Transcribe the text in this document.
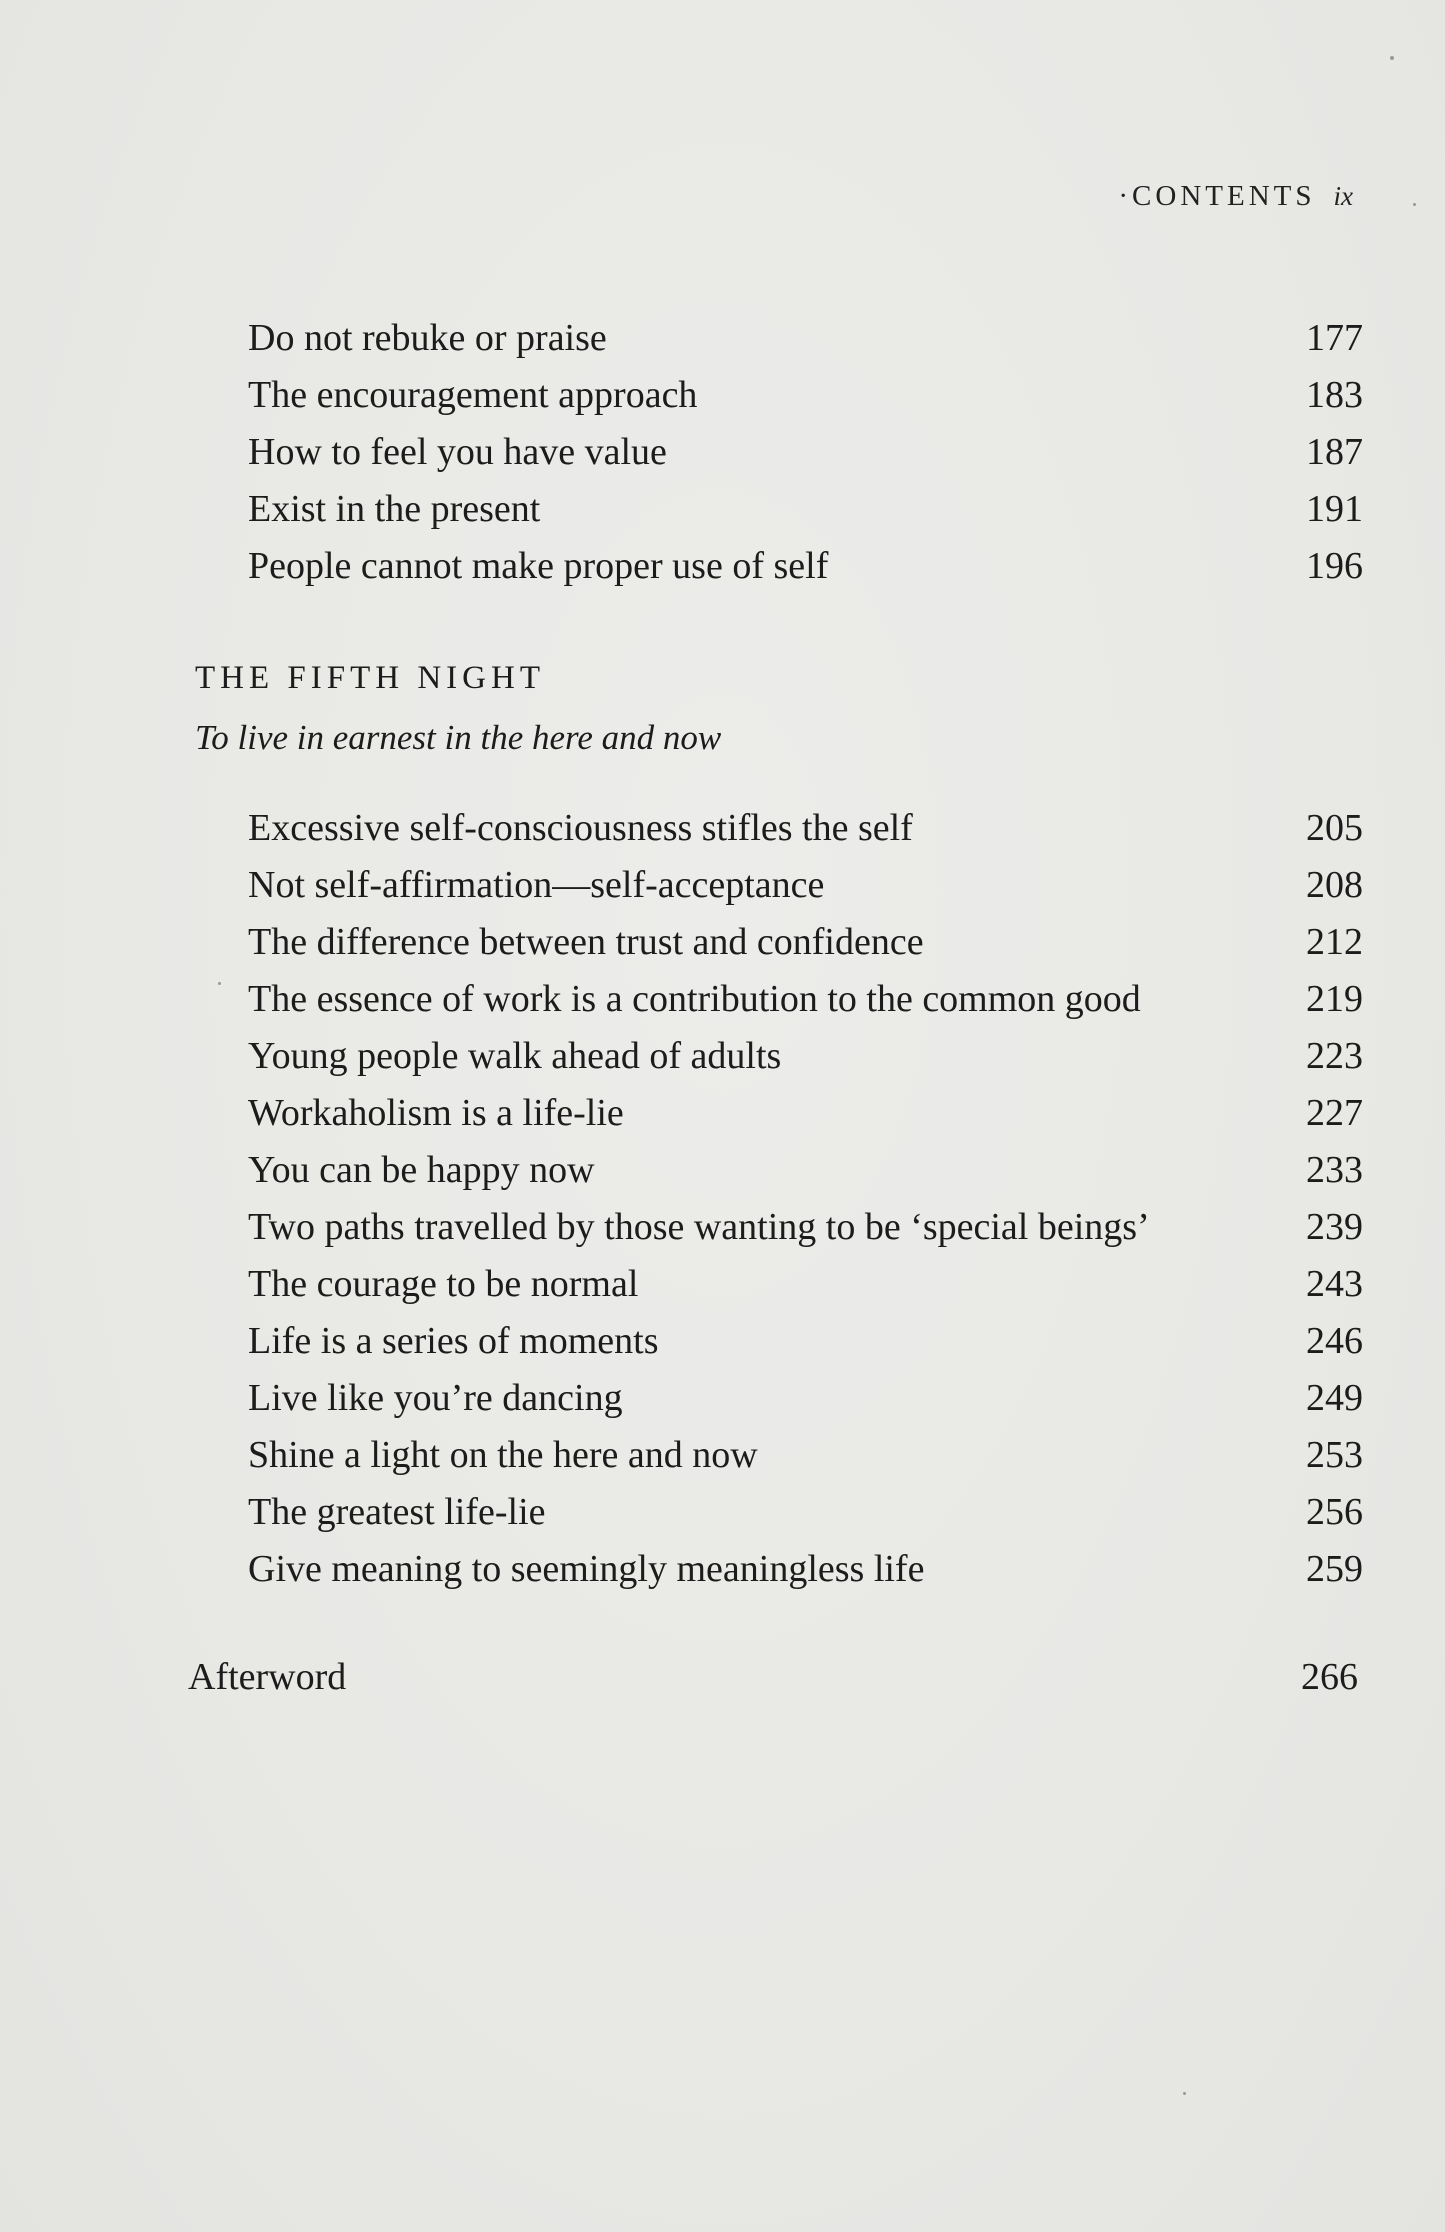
·CONTENTS ix
Do not rebuke or praise	177
The encouragement approach	183
How to feel you have value	187
Exist in the present	191
People cannot make proper use of self	196
THE FIFTH NIGHT
To live in earnest in the here and now
Excessive self-consciousness stifles the self	205
Not self-affirmation—self-acceptance	208
The difference between trust and confidence	212
The essence of work is a contribution to the common good	219
Young people walk ahead of adults	223
Workaholism is a life-lie	227
You can be happy now	233
Two paths travelled by those wanting to be ‘special beings’	239
The courage to be normal	243
Life is a series of moments	246
Live like you’re dancing	249
Shine a light on the here and now	253
The greatest life-lie	256
Give meaning to seemingly meaningless life	259
Afterword	266
